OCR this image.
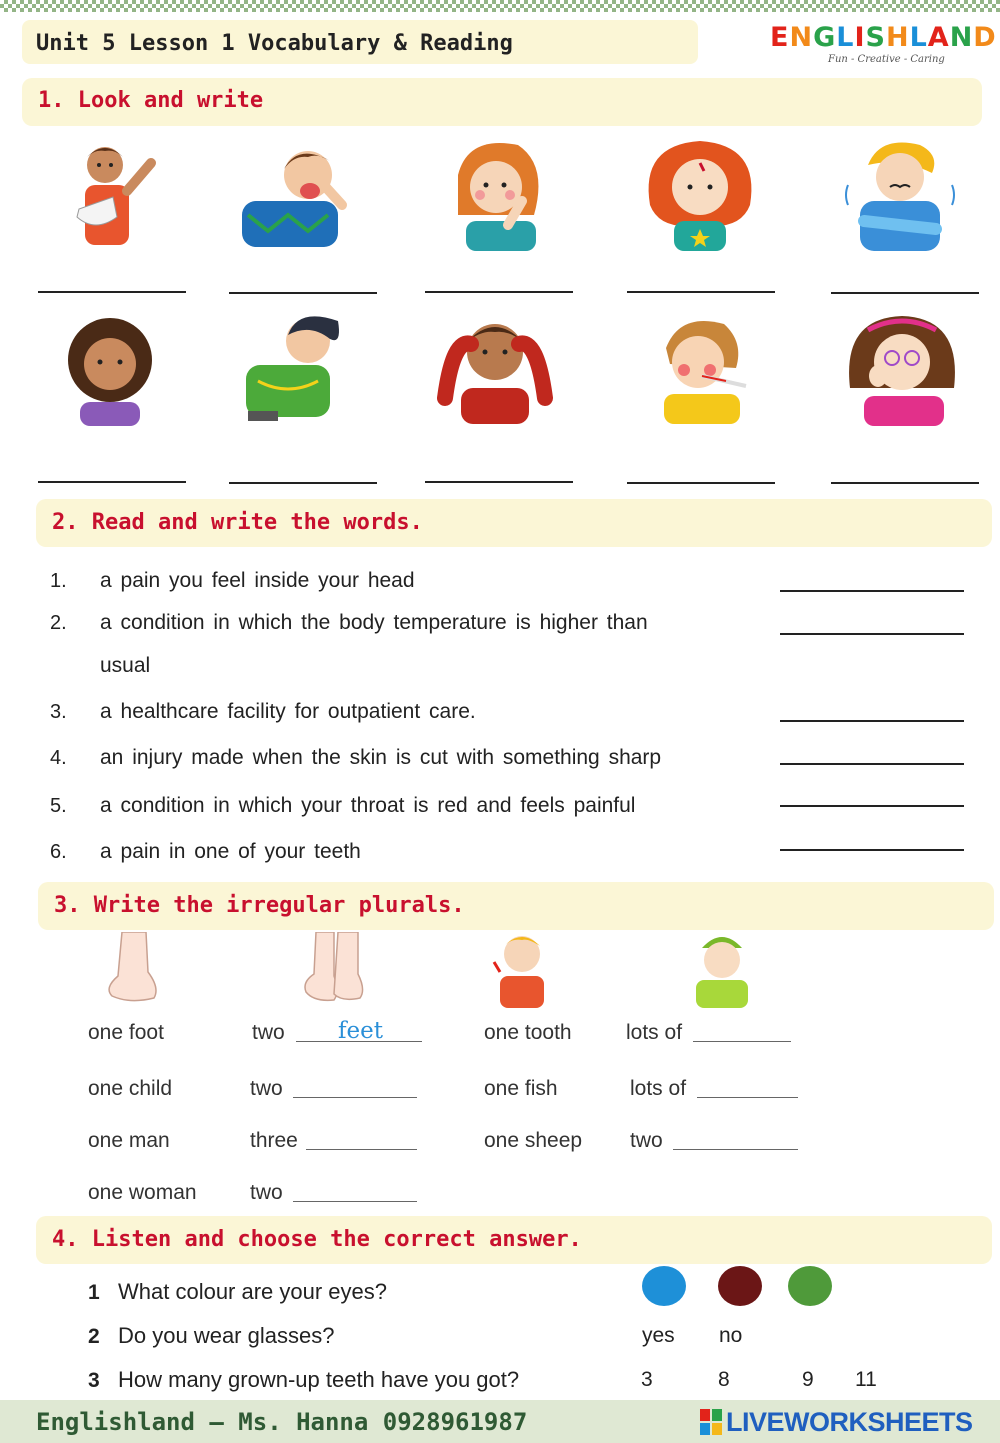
Unit 5 Lesson 1 Vocabulary & Reading	ENGLISHLAND
Fun - Creative - Caring
1. Look and write
2. Read and write the words.
1. a pain you feel inside your head
2. a condition in which the body temperature is higher than
usual
3. a healthcare facility for outpatient care.
4. an injury made when the skin is cut with something sharp
5. a condition in which your throat is red and feels painful
6. a pain in one of your teeth
3. Write the irregular plurals.
one foot	two feet	one tooth	lots of
one child	two	one fish	lots of
one man	three	one sheep two
one woman	two
4. Listen and choose the correct answer.
1 What colour are your eyes?
2 Do you wear glasses?	yes no
3 How many grown-up teeth have you got?	3	8	9 11
Englishland – Ms. Hanna 0928961987	LIVEWORKSHEETS
